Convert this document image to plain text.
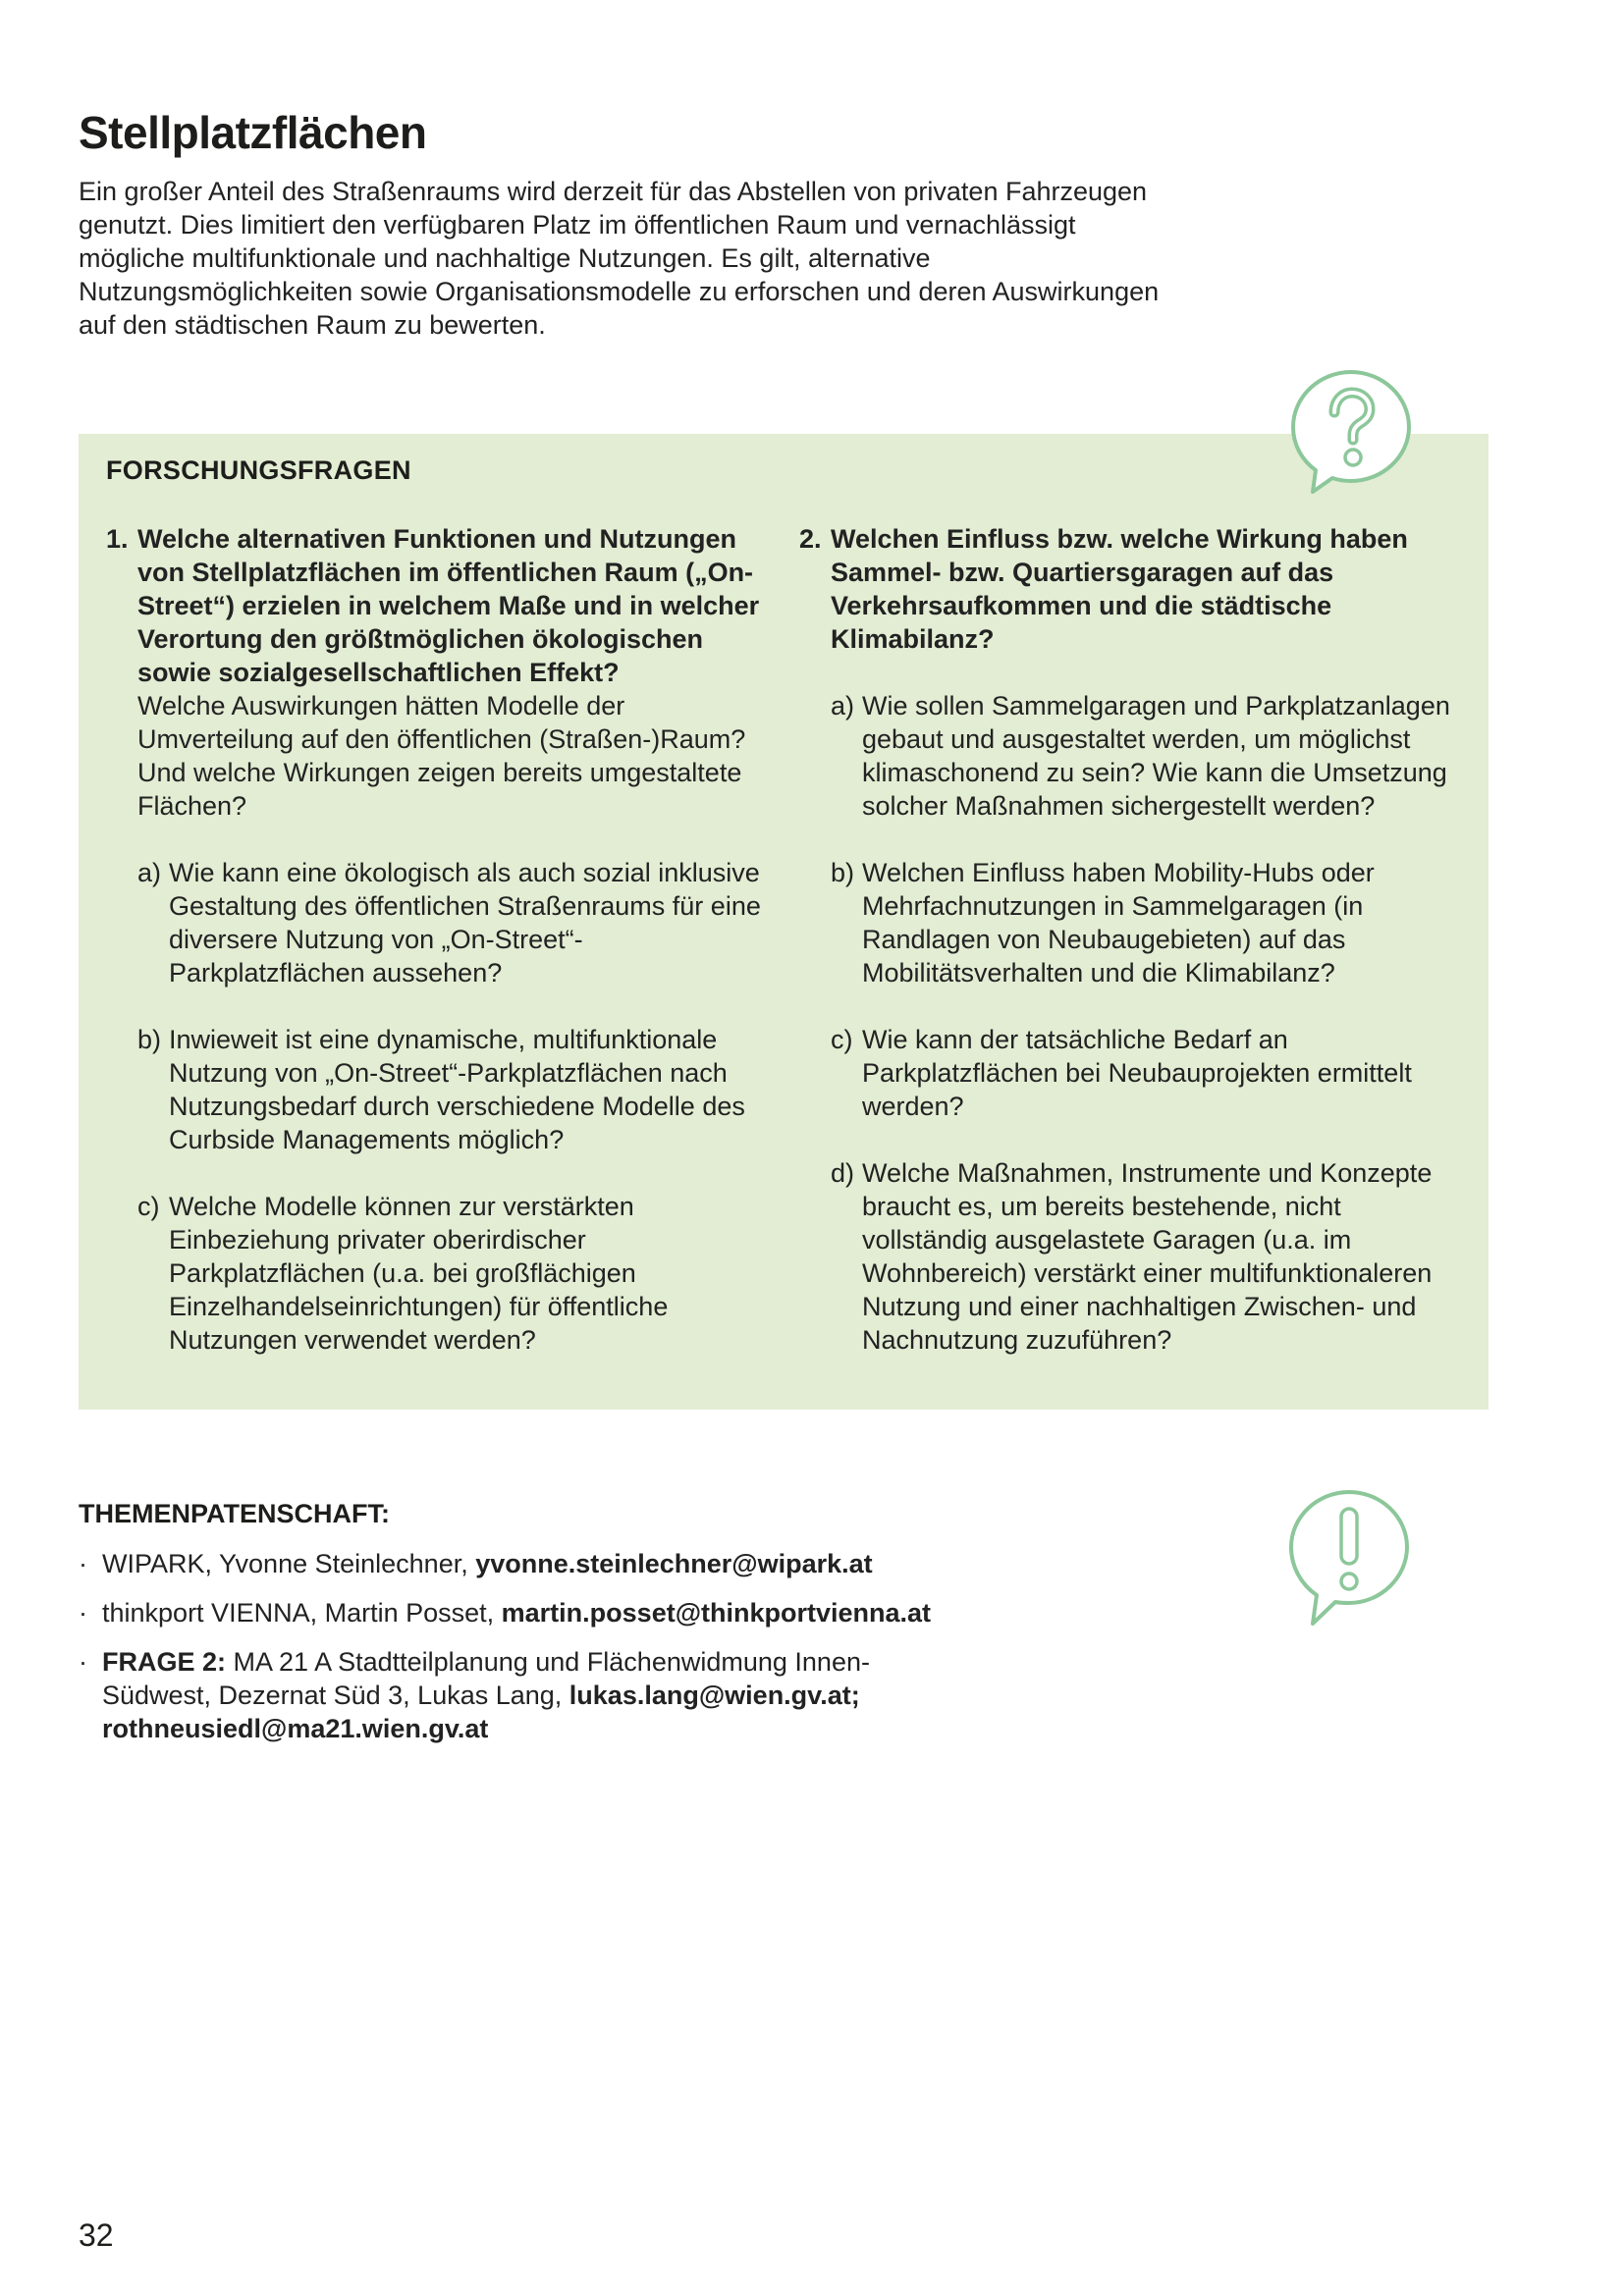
Stellplatzflächen

Ein großer Anteil des Straßenraums wird derzeit für das Abstellen von privaten Fahrzeugen genutzt. Dies limitiert den verfügbaren Platz im öffentlichen Raum und vernachlässigt mögliche multifunktionale und nachhaltige Nutzungen. Es gilt, alternative Nutzungsmöglichkeiten sowie Organisationsmodelle zu erforschen und deren Auswirkungen auf den städtischen Raum zu bewerten.

FORSCHUNGSFRAGEN
1. Welche alternativen Funktionen und Nutzungen von Stellplatzflächen im öffentlichen Raum („On-Street“) erzielen in welchem Maße und in welcher Verortung den größtmöglichen ökologischen sowie sozialgesellschaftlichen Effekt?
Welche Auswirkungen hätten Modelle der Umverteilung auf den öffentlichen (Straßen-)Raum? Und welche Wirkungen zeigen bereits umgestaltete Flächen?
a) Wie kann eine ökologisch als auch sozial inklusive Gestaltung des öffentlichen Straßenraums für eine diversere Nutzung von „On-Street“-Parkplatzflächen aussehen?
b) Inwieweit ist eine dynamische, multifunktionale Nutzung von „On-Street“-Parkplatzflächen nach Nutzungsbedarf durch verschiedene Modelle des Curbside Managements möglich?
c) Welche Modelle können zur verstärkten Einbeziehung privater oberirdischer Parkplatzflächen (u.a. bei großflächigen Einzelhandelseinrichtungen) für öffentliche Nutzungen verwendet werden?
2. Welchen Einfluss bzw. welche Wirkung haben Sammel- bzw. Quartiersgaragen auf das Verkehrsaufkommen und die städtische Klimabilanz?
a) Wie sollen Sammelgaragen und Parkplatzanlagen gebaut und ausgestaltet werden, um möglichst klimaschonend zu sein? Wie kann die Umsetzung solcher Maßnahmen sichergestellt werden?
b) Welchen Einfluss haben Mobility-Hubs oder Mehrfachnutzungen in Sammelgaragen (in Randlagen von Neubaugebieten) auf das Mobilitätsverhalten und die Klimabilanz?
c) Wie kann der tatsächliche Bedarf an Parkplatzflächen bei Neubauprojekten ermittelt werden?
d) Welche Maßnahmen, Instrumente und Konzepte braucht es, um bereits bestehende, nicht vollständig ausgelastete Garagen (u.a. im Wohnbereich) verstärkt einer multifunktionaleren Nutzung und einer nachhaltigen Zwischen- und Nachnutzung zuzuführen?
THEMENPATENSCHAFT:
· WIPARK, Yvonne Steinlechner, yvonne.steinlechner@wipark.at
· thinkport VIENNA, Martin Posset, martin.posset@thinkportvienna.at
· FRAGE 2: MA 21 A Stadtteilplanung und Flächenwidmung Innen-Südwest, Dezernat Süd 3, Lukas Lang, lukas.lang@wien.gv.at; rothneusiedl@ma21.wien.gv.at
32
